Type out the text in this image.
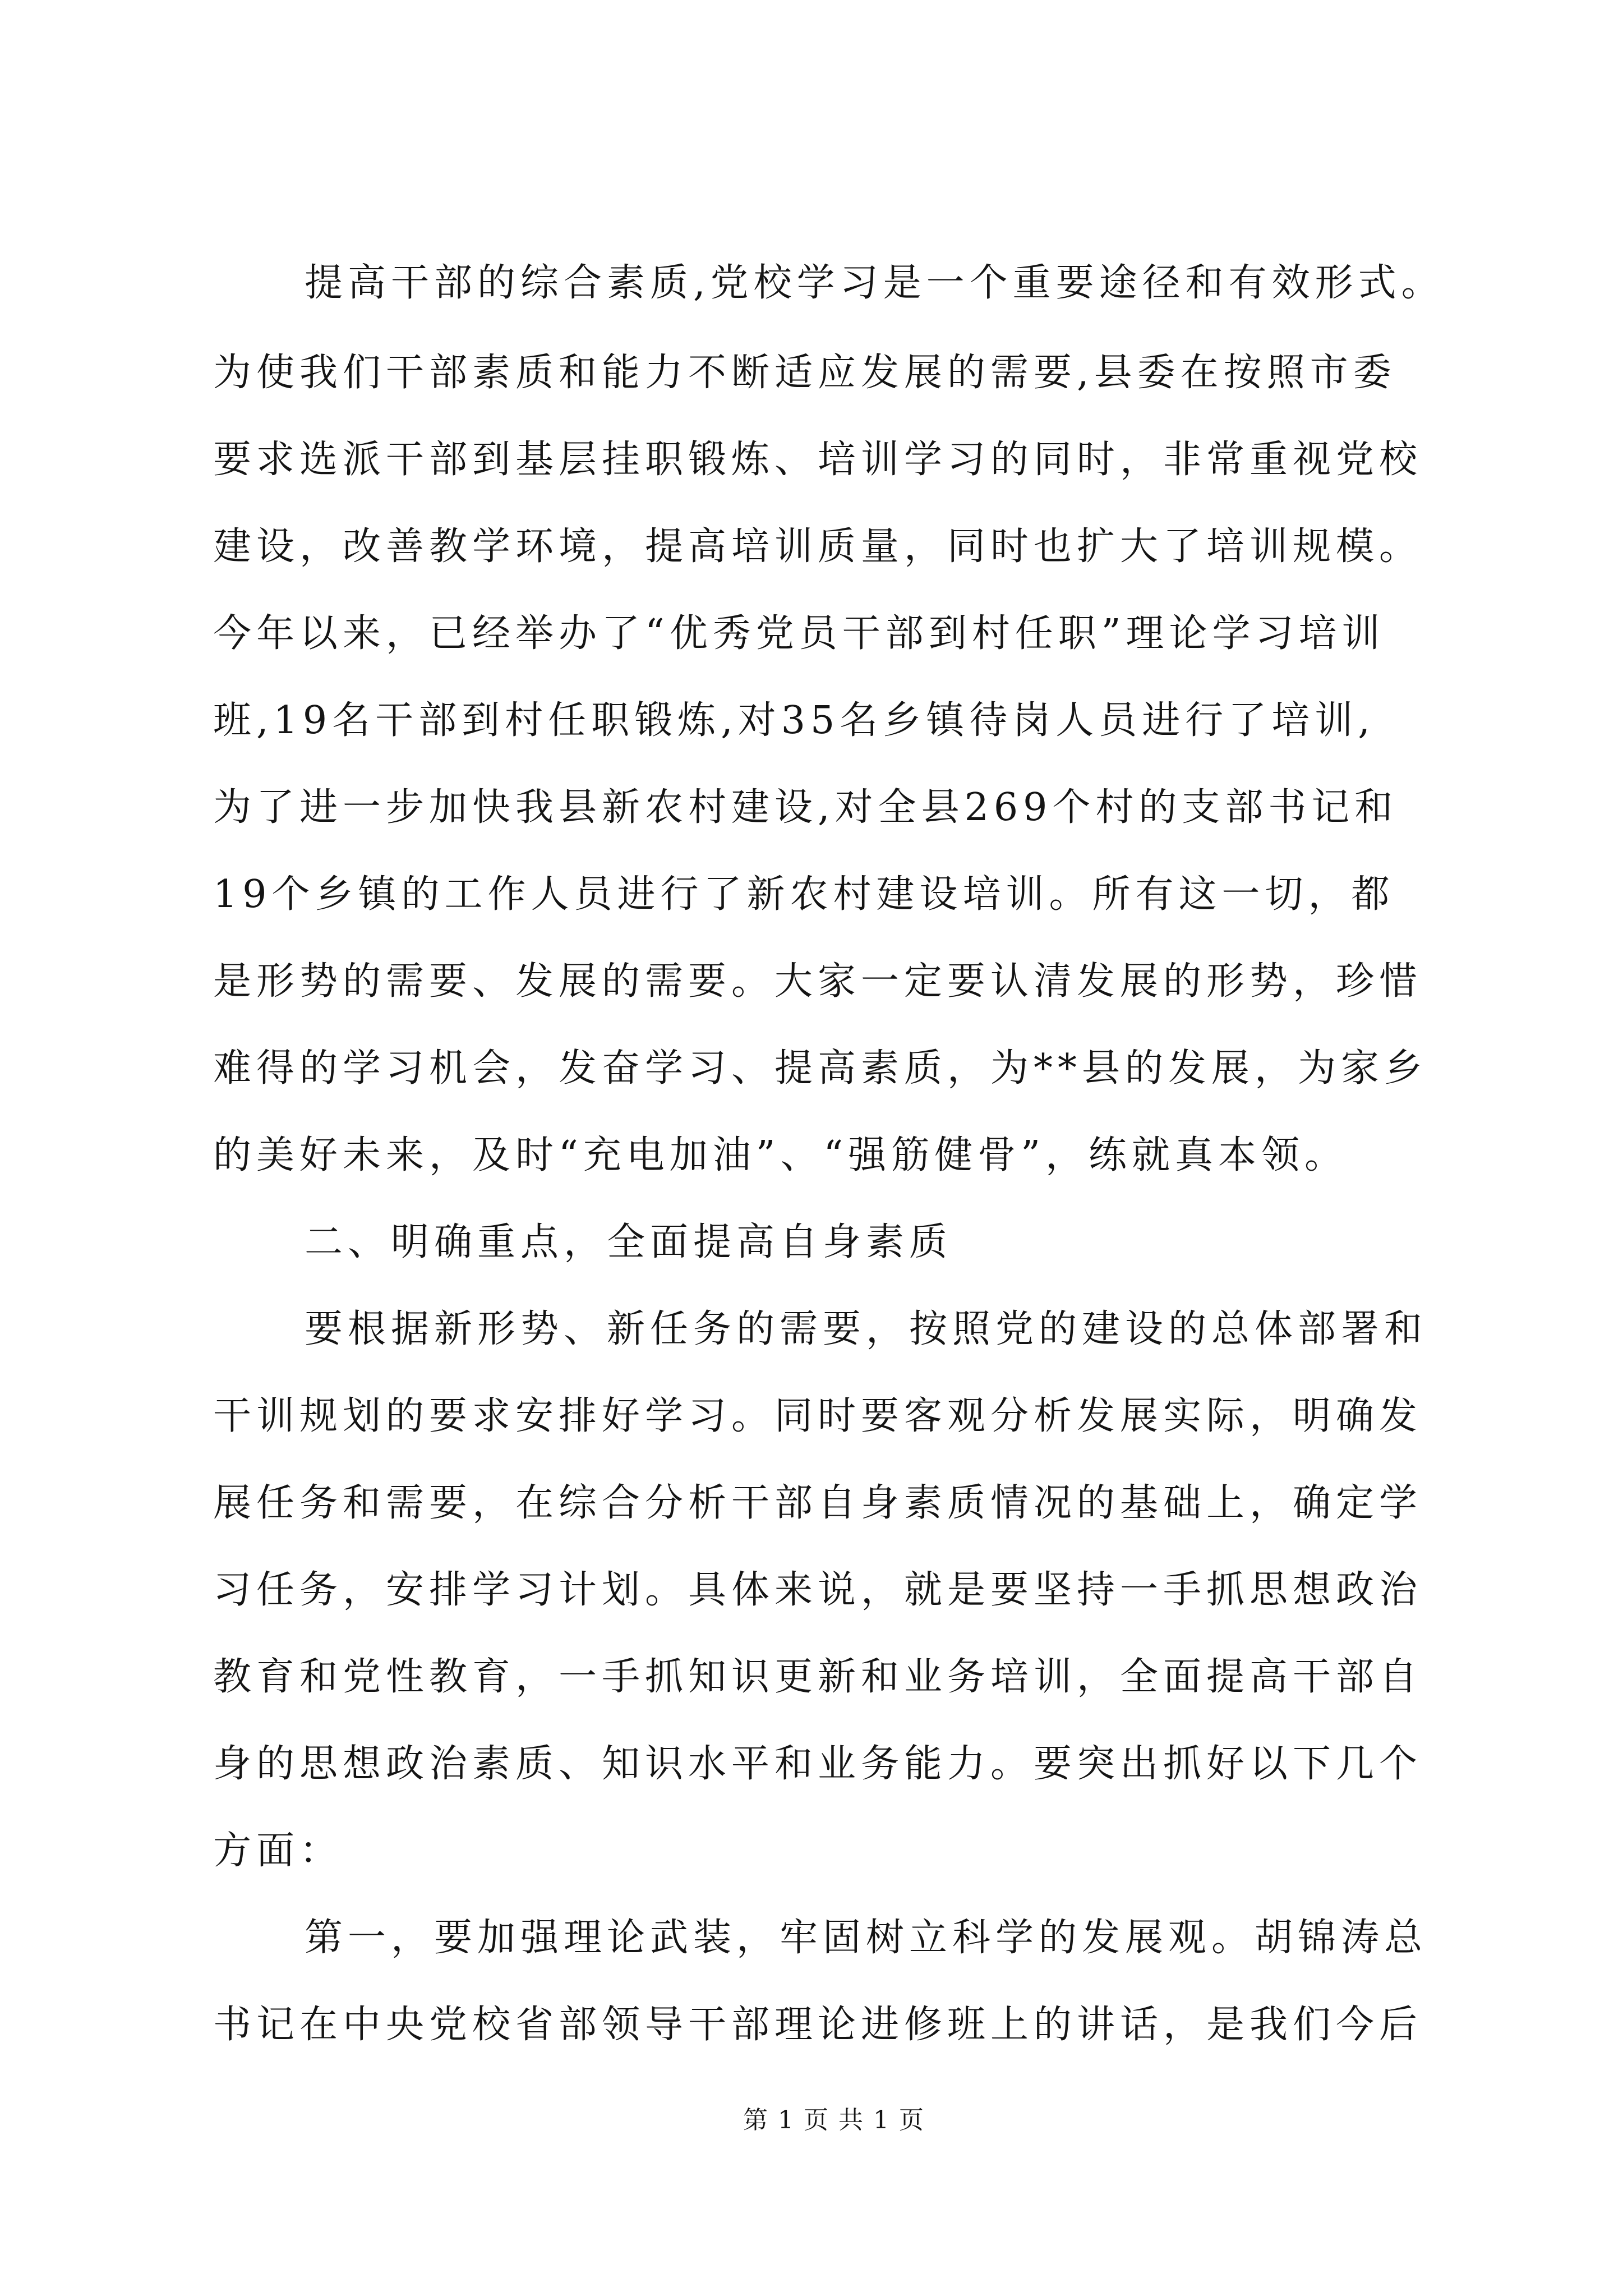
提高干部的综合素质,党校学习是一个重要途径和有效形式。
为使我们干部素质和能力不断适应发展的需要,县委在按照市委
要求选派干部到基层挂职锻炼、培训学习的同时，非常重视党校
建设，改善教学环境，提高培训质量，同时也扩大了培训规模。
今年以来，已经举办了“优秀党员干部到村任职”理论学习培训
班,19名干部到村任职锻炼,对35名乡镇待岗人员进行了培训,
为了进一步加快我县新农村建设,对全县269个村的支部书记和
19个乡镇的工作人员进行了新农村建设培训。所有这一切，都
是形势的需要、发展的需要。大家一定要认清发展的形势，珍惜
难得的学习机会，发奋学习、提高素质，为**县的发展，为家乡
的美好未来，及时“充电加油”、“强筋健骨”，练就真本领。
二、明确重点，全面提高自身素质
要根据新形势、新任务的需要，按照党的建设的总体部署和
干训规划的要求安排好学习。同时要客观分析发展实际，明确发
展任务和需要，在综合分析干部自身素质情况的基础上，确定学
习任务，安排学习计划。具体来说，就是要坚持一手抓思想政治
教育和党性教育，一手抓知识更新和业务培训，全面提高干部自
身的思想政治素质、知识水平和业务能力。要突出抓好以下几个
方面：
第一，要加强理论武装，牢固树立科学的发展观。胡锦涛总
书记在中央党校省部领导干部理论进修班上的讲话，是我们今后
第 1 页 共 1 页
